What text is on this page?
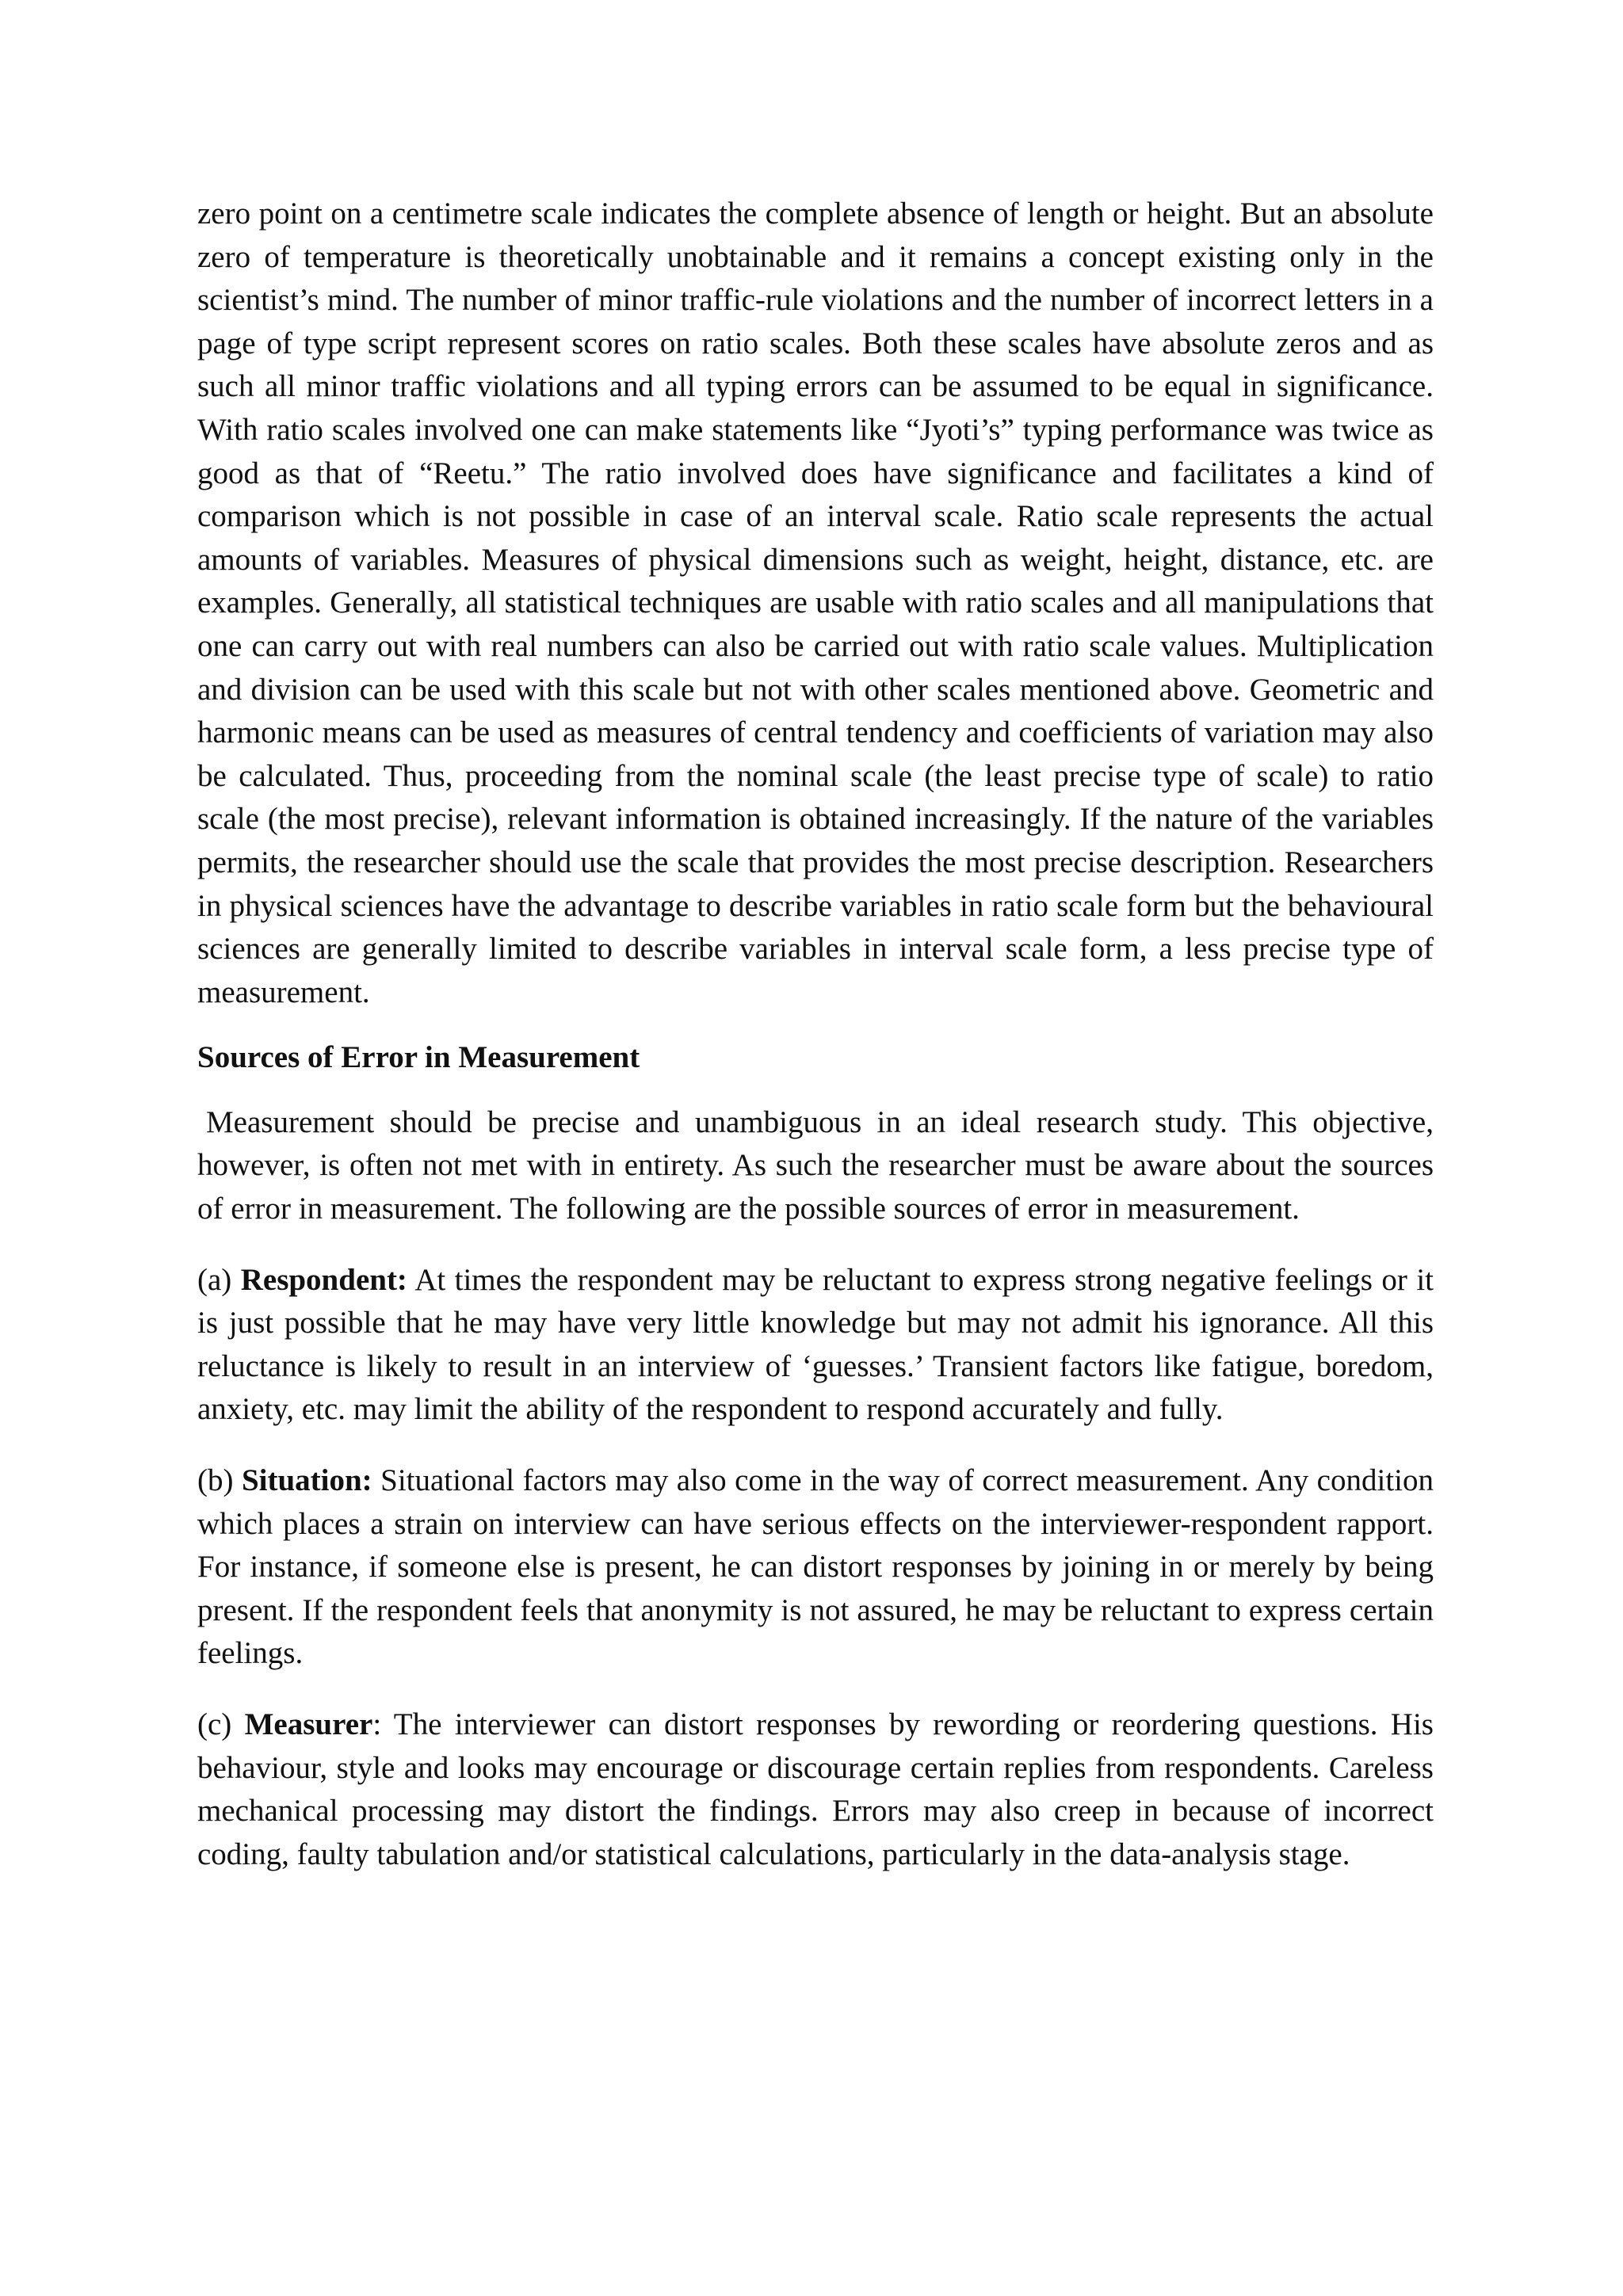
zero point on a centimetre scale indicates the complete absence of length or height. But an absolute zero of temperature is theoretically unobtainable and it remains a concept existing only in the scientist’s mind. The number of minor traffic-rule violations and the number of incorrect letters in a page of type script represent scores on ratio scales. Both these scales have absolute zeros and as such all minor traffic violations and all typing errors can be assumed to be equal in significance. With ratio scales involved one can make statements like “Jyoti’s” typing performance was twice as good as that of “Reetu.” The ratio involved does have significance and facilitates a kind of comparison which is not possible in case of an interval scale. Ratio scale represents the actual amounts of variables. Measures of physical dimensions such as weight, height, distance, etc. are examples. Generally, all statistical techniques are usable with ratio scales and all manipulations that one can carry out with real numbers can also be carried out with ratio scale values. Multiplication and division can be used with this scale but not with other scales mentioned above. Geometric and harmonic means can be used as measures of central tendency and coefficients of variation may also be calculated. Thus, proceeding from the nominal scale (the least precise type of scale) to ratio scale (the most precise), relevant information is obtained increasingly. If the nature of the variables permits, the researcher should use the scale that provides the most precise description. Researchers in physical sciences have the advantage to describe variables in ratio scale form but the behavioural sciences are generally limited to describe variables in interval scale form, a less precise type of measurement.

Sources of Error in Measurement

Measurement should be precise and unambiguous in an ideal research study. This objective, however, is often not met with in entirety. As such the researcher must be aware about the sources of error in measurement. The following are the possible sources of error in measurement.

(a) Respondent: At times the respondent may be reluctant to express strong negative feelings or it is just possible that he may have very little knowledge but may not admit his ignorance. All this reluctance is likely to result in an interview of ‘guesses.’ Transient factors like fatigue, boredom, anxiety, etc. may limit the ability of the respondent to respond accurately and fully.

(b) Situation: Situational factors may also come in the way of correct measurement. Any condition which places a strain on interview can have serious effects on the interviewer-respondent rapport. For instance, if someone else is present, he can distort responses by joining in or merely by being present. If the respondent feels that anonymity is not assured, he may be reluctant to express certain feelings.

(c) Measurer: The interviewer can distort responses by rewording or reordering questions. His behaviour, style and looks may encourage or discourage certain replies from respondents. Careless mechanical processing may distort the findings. Errors may also creep in because of incorrect coding, faulty tabulation and/or statistical calculations, particularly in the data-analysis stage.
